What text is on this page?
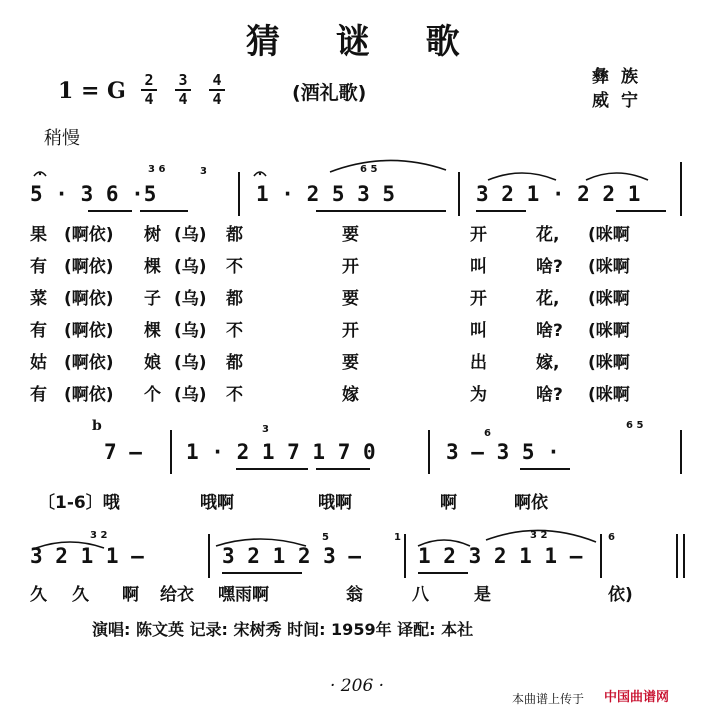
猜 谜 歌
1 = G 2
4
3
4
4
4	(酒礼歌)
彝族
威宁
稍慢
5 · 3 6 ·5	1 · 2 5 3 5	3 2 1 · 2 2 1
3 6	3	6 5
果 (啊依) 树 (乌) 都	要	开	花, (咪啊
有 (啊依) 棵 (乌) 不	开	叫	啥? (咪啊
菜 (啊依) 子 (乌) 都	要	开	花, (咪啊
有 (啊依) 棵 (乌) 不	开	叫	啥? (咪啊
姑 (啊依) 娘 (乌) 都	要	出	嫁, (咪啊
有 (啊依) 个 (乌) 不	嫁	为	啥? (咪啊
b
7 – 1 · 2 1 7 1 7 0	3 – 3 5 ·
3	6
6 5
〔1-6〕哦	哦啊	哦啊	啊	啊依
3 2 1 1 –	3 2 1 2 3 –	1 2 3 2 1 1 –
3 2	5	1	3 2	6
久 久 啊 给衣 嘿雨啊	翁	八	是	依)
演唱: 陈文英 记录: 宋树秀 时间: 1959年 译配: 本社
· 206 ·
本曲谱上传于 中国曲谱网
